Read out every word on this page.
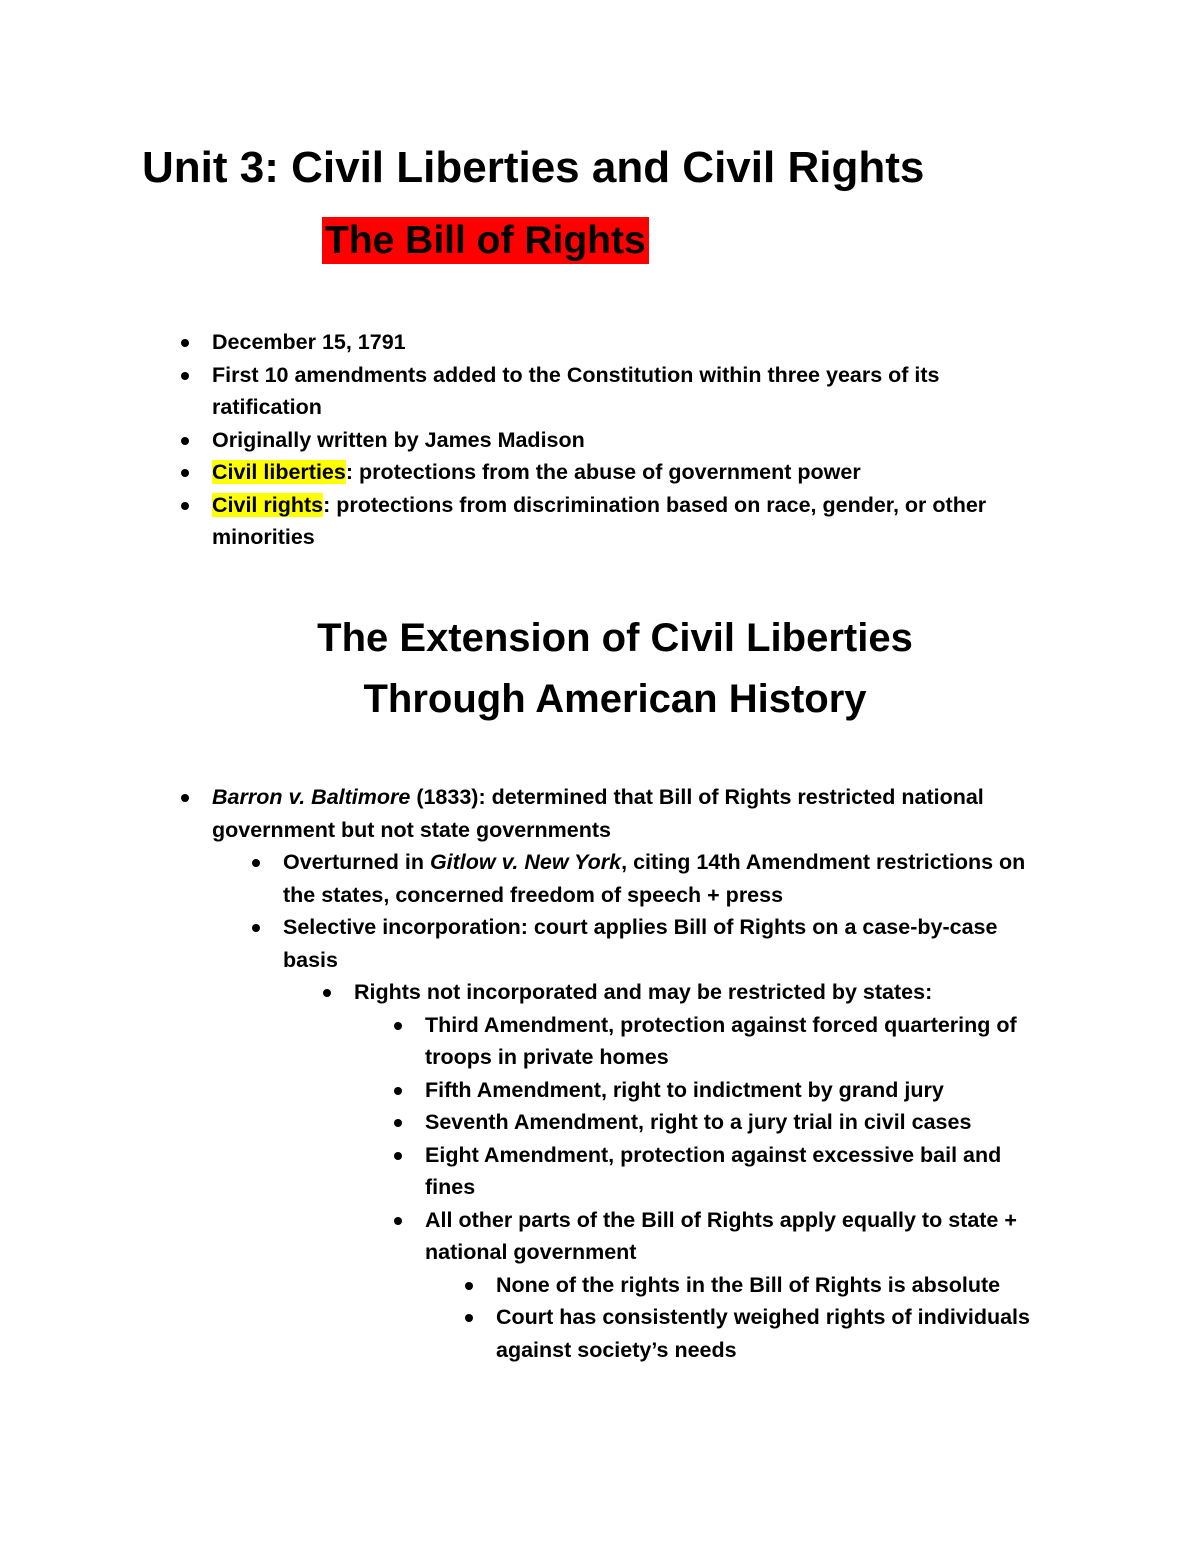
Unit 3: Civil Liberties and Civil Rights
The Bill of Rights
December 15, 1791
First 10 amendments added to the Constitution within three years of its ratification
Originally written by James Madison
Civil liberties: protections from the abuse of government power
Civil rights: protections from discrimination based on race, gender, or other minorities
The Extension of Civil Liberties
Through American History
Barron v. Baltimore (1833): determined that Bill of Rights restricted national government but not state governments
Overturned in Gitlow v. New York, citing 14th Amendment restrictions on the states, concerned freedom of speech + press
Selective incorporation: court applies Bill of Rights on a case-by-case basis
Rights not incorporated and may be restricted by states:
Third Amendment, protection against forced quartering of troops in private homes
Fifth Amendment, right to indictment by grand jury
Seventh Amendment, right to a jury trial in civil cases
Eight Amendment, protection against excessive bail and fines
All other parts of the Bill of Rights apply equally to state + national government
None of the rights in the Bill of Rights is absolute
Court has consistently weighed rights of individuals against society’s needs
